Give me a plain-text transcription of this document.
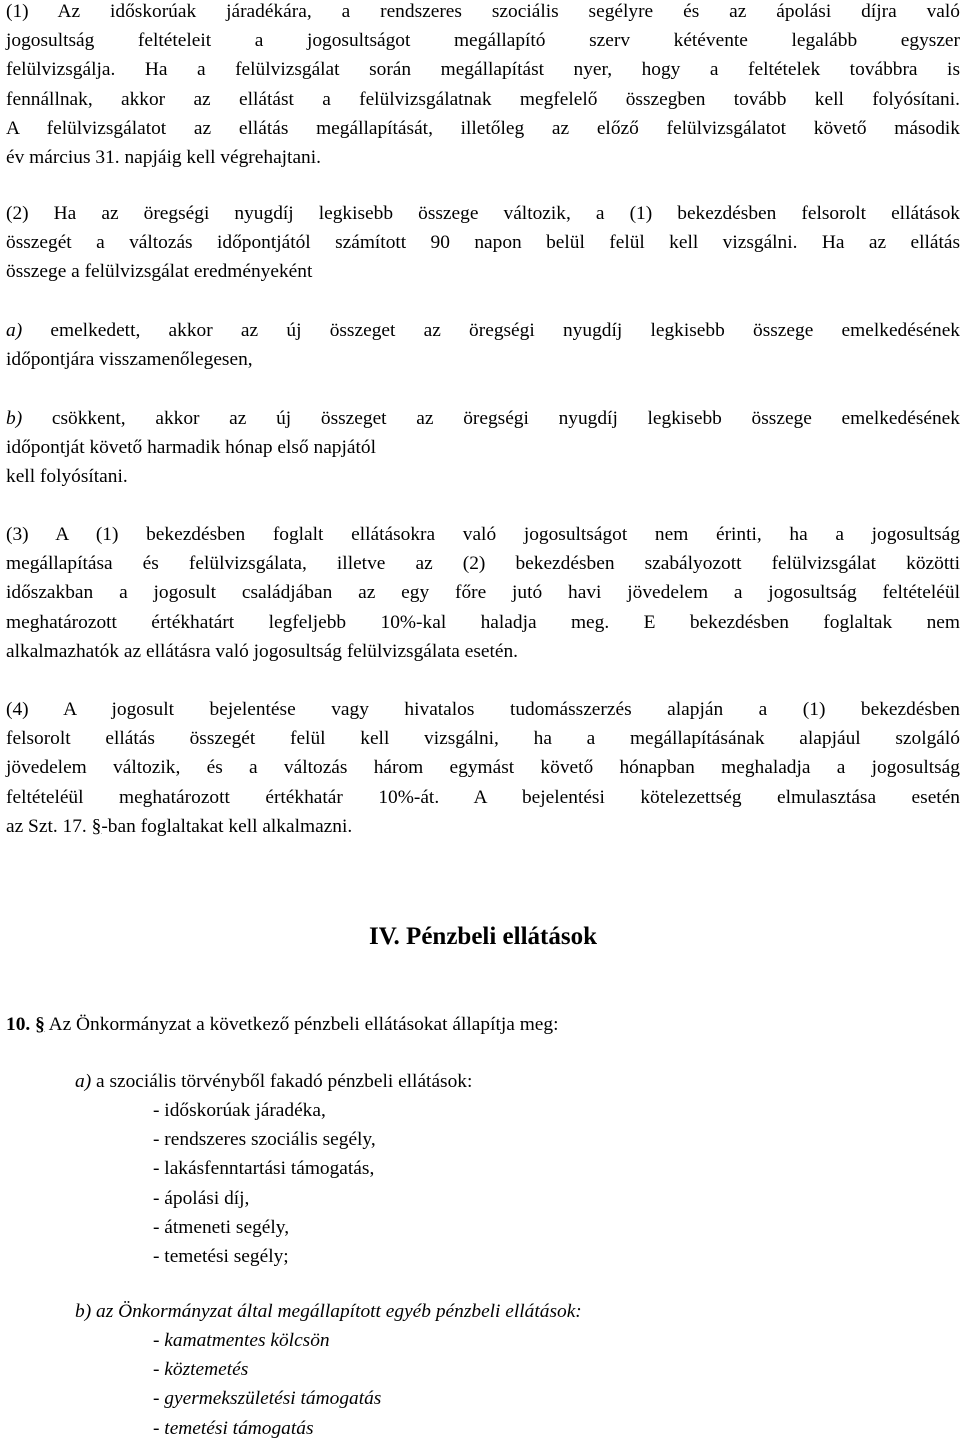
(1) Az időskorúak járadékára, a rendszeres szociális segélyre és az ápolási díjra való
jogosultság feltételeit a jogosultságot megállapító szerv kétévente legalább egyszer
felülvizsgálja. Ha a felülvizsgálat során megállapítást nyer, hogy a feltételek továbbra is
fennállnak, akkor az ellátást a felülvizsgálatnak megfelelő összegben tovább kell folyósítani.
A felülvizsgálatot az ellátás megállapítását, illetőleg az előző felülvizsgálatot követő második
év március 31. napjáig kell végrehajtani.
(2) Ha az öregségi nyugdíj legkisebb összege változik, a (1) bekezdésben felsorolt ellátások
összegét a változás időpontjától számított 90 napon belül felül kell vizsgálni. Ha az ellátás
összege a felülvizsgálat eredményeként
a) emelkedett, akkor az új összeget az öregségi nyugdíj legkisebb összege emelkedésének
időpontjára visszamenőlegesen,
b) csökkent, akkor az új összeget az öregségi nyugdíj legkisebb összege emelkedésének
időpontját követő harmadik hónap első napjától
kell folyósítani.
(3) A (1) bekezdésben foglalt ellátásokra való jogosultságot nem érinti, ha a jogosultság
megállapítása és felülvizsgálata, illetve az (2) bekezdésben szabályozott felülvizsgálat közötti
időszakban a jogosult családjában az egy főre jutó havi jövedelem a jogosultság feltételéül
meghatározott értékhatárt legfeljebb 10%-kal haladja meg. E bekezdésben foglaltak nem
alkalmazhatók az ellátásra való jogosultság felülvizsgálata esetén.
(4) A jogosult bejelentése vagy hivatalos tudomásszerzés alapján a (1) bekezdésben
felsorolt ellátás összegét felül kell vizsgálni, ha a megállapításának alapjául szolgáló
jövedelem változik, és a változás három egymást követő hónapban meghaladja a jogosultság
feltételéül meghatározott értékhatár 10%-át. A bejelentési kötelezettség elmulasztása esetén
az Szt. 17. §-ban foglaltakat kell alkalmazni.
IV. Pénzbeli ellátások
10. § Az Önkormányzat a következő pénzbeli ellátásokat állapítja meg:
a) a szociális törvényből fakadó pénzbeli ellátások:
- időskorúak járadéka,
- rendszeres szociális segély,
- lakásfenntartási támogatás,
- ápolási díj,
- átmeneti segély,
- temetési segély;
b) az Önkormányzat által megállapított egyéb pénzbeli ellátások:
- kamatmentes kölcsön
- köztemetés
- gyermekszületési támogatás
- temetési támogatás
